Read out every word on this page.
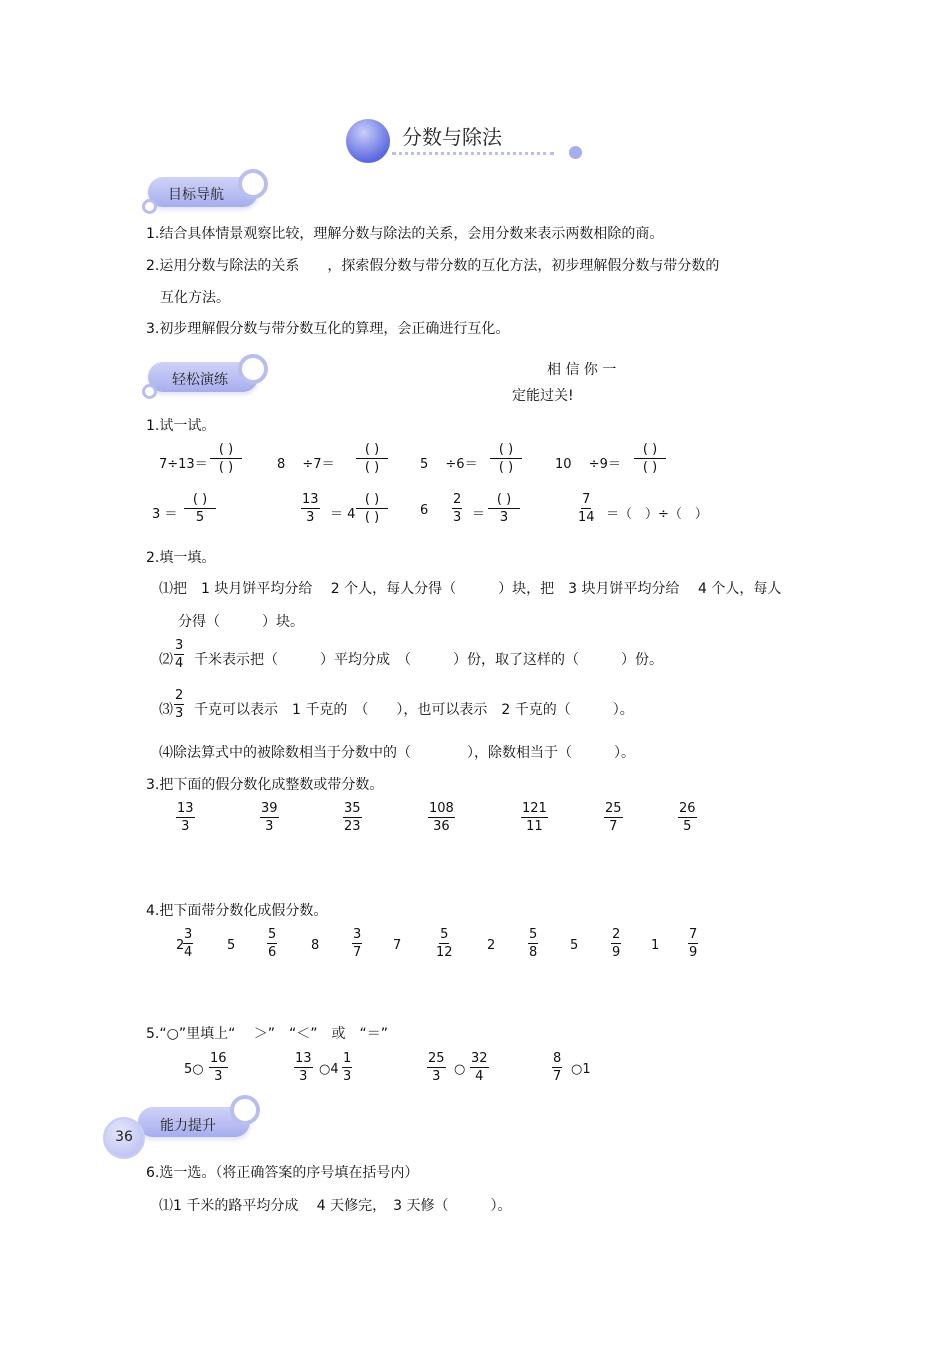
分数与除法
目标导航
1.结合具体情景观察比较，理解分数与除法的关系，会用分数来表示两数相除的商。
2.运用分数与除法的关系　　，探索假分数与带分数的互化方法，初步理解假分数与带分数的
互化方法。
3.初步理解假分数与带分数互化的算理，会正确进行互化。
轻松演练
相 信 你 一
定能过关!
1.试一试。
7÷13＝
( )
( )	8　 ÷7＝
( )
( )	5　 ÷6＝
( )
( )	10　 ÷9＝
( )
( )
3 ＝
( )
5	$\frac{13}{3} = 4$
( )
( )	$6 \frac{2}{3}$ ＝
( )
3	$\frac{7}{14}$ ＝（　）÷（　）
2.填一填。
⑴把　1 块月饼平均分给　 2 个人，每人分得（　　　）块，把　3 块月饼平均分给　 4 个人，每人
分得（　　　）块。
⑵ $\frac{3}{4}$ 千米表示把（　　　）平均分成　（　　　）份，取了这样的（　　　）份。
⑶ $\frac{2}{3}$ 千克可以表示　1 千克的　（　　），也可以表示　2 千克的（　　　）。
⑷除法算式中的被除数相当于分数中的（　　　　），除数相当于（　　　）。
3.把下面的假分数化成整数或带分数。
$\frac{13}{3}$	$\frac{39}{3}$	$\frac{35}{23}$	$\frac{108}{36}$	$\frac{121}{11}$	$\frac{25}{7}$	$\frac{26}{5}$
4.把下面带分数化成假分数。
2
$\frac{3}{4}$	$5 \frac{5}{6}$	8	$\frac{3}{7} 7$	$\frac{5}{12}$	2	$\frac{5}{8} 5$	$\frac{2}{9} 1 \frac{7}{9}$
5.“○”里填上“　 ＞”　“＜”　或　“＝”
5○ $\frac{16}{3}$	$\frac{13}{3}$ ○4 $\frac{1}{3}$	$\frac{25}{3}$ ○ $\frac{32}{4}$	$\frac{8}{7}$ ○1
能力提升
36
6.选一选。（将正确答案的序号填在括号内）
⑴1 千米的路平均分成　 4 天修完，　3 天修（　　　）。
